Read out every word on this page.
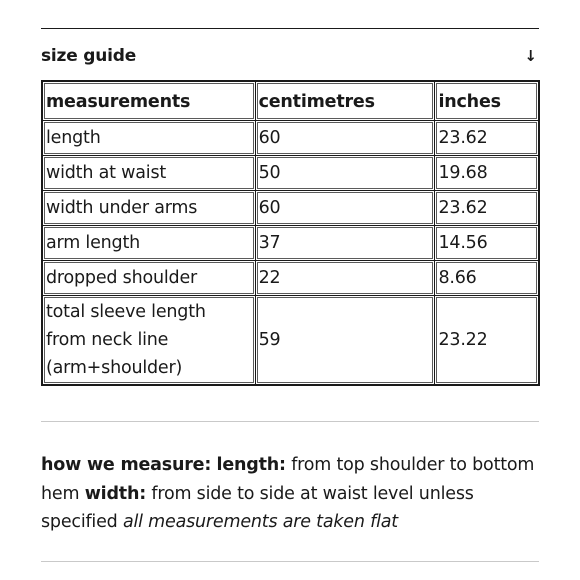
size guide	↓
measurements	centimetres	inches
length	60	23.62
width at waist	50	19.68
width under arms	60	23.62
arm length	37	14.56
dropped shoulder	22	8.66
total sleeve length
from neck line
(arm+shoulder)	59	23.22
how we measure: length: from top shoulder to bottom hem width: from side to side at waist level unless specified all measurements are taken flat
